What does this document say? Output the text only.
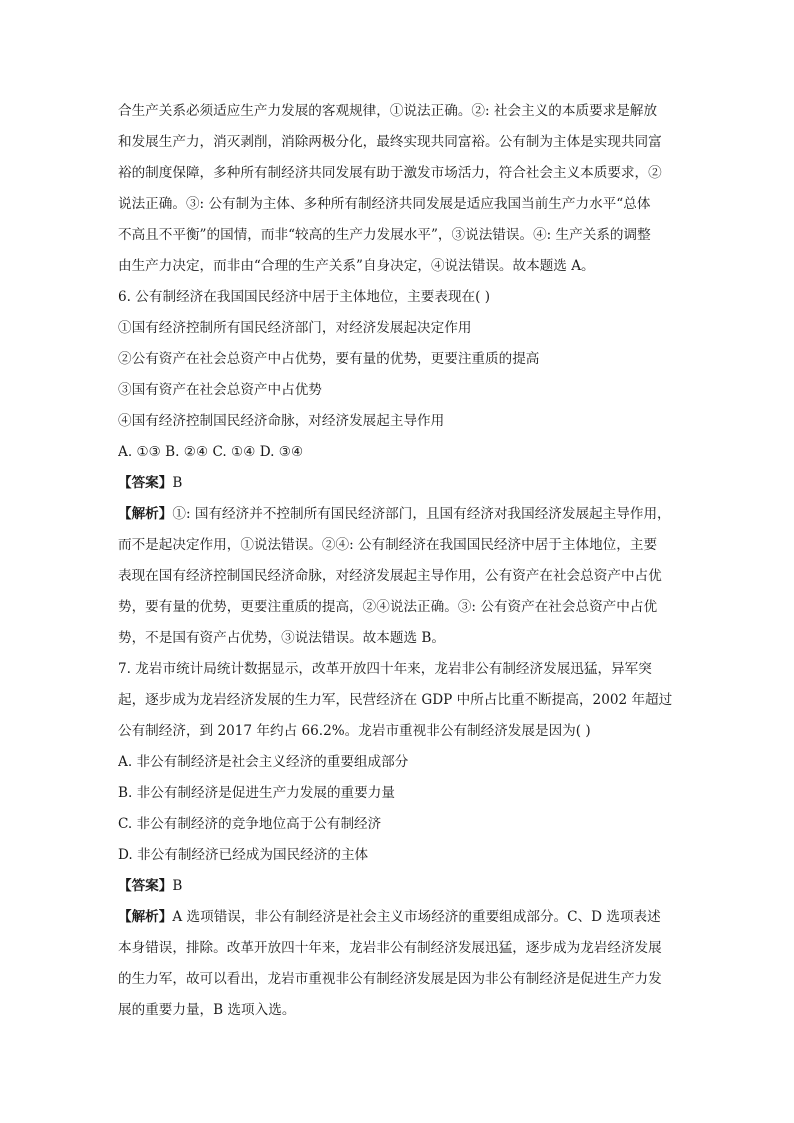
合生产关系必须适应生产力发展的客观规律，①说法正确。②: 社会主义的本质要求是解放

和发展生产力，消灭剥削，消除两极分化，最终实现共同富裕。公有制为主体是实现共同富

裕的制度保障，多种所有制经济共同发展有助于激发市场活力，符合社会主义本质要求，②

说法正确。③: 公有制为主体、多种所有制经济共同发展是适应我国当前生产力水平“总体

不高且不平衡”的国情，而非“较高的生产力发展水平”，③说法错误。④: 生产关系的调整

由生产力决定，而非由“合理的生产关系”自身决定，④说法错误。故本题选 A。

6. 公有制经济在我国国民经济中居于主体地位，主要表现在( )

①国有经济控制所有国民经济部门，对经济发展起决定作用

②公有资产在社会总资产中占优势，要有量的优势，更要注重质的提高

③国有资产在社会总资产中占优势

④国有经济控制国民经济命脉，对经济发展起主导作用

A. ①③ B. ②④ C. ①④ D. ③④

【答案】B

【解析】①: 国有经济并不控制所有国民经济部门，且国有经济对我国经济发展起主导作用，

而不是起决定作用，①说法错误。②④: 公有制经济在我国国民经济中居于主体地位，主要

表现在国有经济控制国民经济命脉，对经济发展起主导作用，公有资产在社会总资产中占优

势，要有量的优势，更要注重质的提高，②④说法正确。③: 公有资产在社会总资产中占优

势，不是国有资产占优势，③说法错误。故本题选 B。

7. 龙岩市统计局统计数据显示，改革开放四十年来，龙岩非公有制经济发展迅猛，异军突

起，逐步成为龙岩经济发展的生力军，民营经济在 GDP 中所占比重不断提高，2002 年超过

公有制经济，到 2017 年约占 66.2%。龙岩市重视非公有制经济发展是因为( )

A. 非公有制经济是社会主义经济的重要组成部分

B. 非公有制经济是促进生产力发展的重要力量

C. 非公有制经济的竞争地位高于公有制经济

D. 非公有制经济已经成为国民经济的主体

【答案】B

【解析】A 选项错误，非公有制经济是社会主义市场经济的重要组成部分。C、D 选项表述

本身错误，排除。改革开放四十年来，龙岩非公有制经济发展迅猛，逐步成为龙岩经济发展

的生力军，故可以看出，龙岩市重视非公有制经济发展是因为非公有制经济是促进生产力发

展的重要力量，B 选项入选。
